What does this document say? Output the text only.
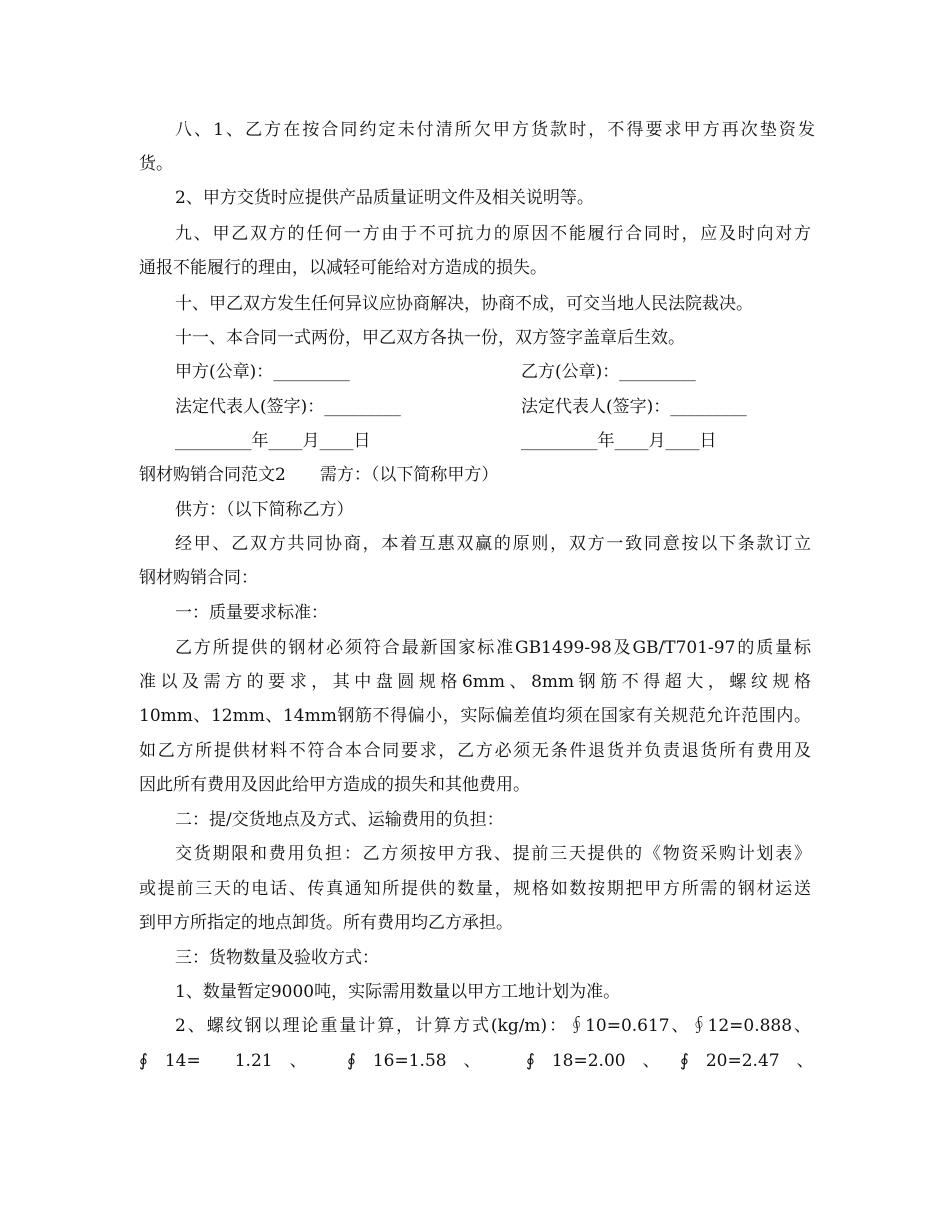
八、1、乙方在按合同约定未付清所欠甲方货款时，不得要求甲方再次垫资发
货。
2、甲方交货时应提供产品质量证明文件及相关说明等。
九、甲乙双方的任何一方由于不可抗力的原因不能履行合同时，应及时向对方
通报不能履行的理由，以减轻可能给对方造成的损失。
十、甲乙双方发生任何异议应协商解决，协商不成，可交当地人民法院裁决。
十一、本合同一式两份，甲乙双方各执一份，双方签字盖章后生效。
甲方(公章)：_________	乙方(公章)：_________
法定代表人(签字)：_________	法定代表人(签字)：_________
_________年____月____日	_________年____月____日
钢材购销合同范文2　　需方：（以下简称甲方）
供方：（以下简称乙方）
经甲、乙双方共同协商，本着互惠双赢的原则，双方一致同意按以下条款订立
钢材购销合同：
一：质量要求标准：
乙方所提供的钢材必须符合最新国家标准GB1499-98及GB/T701-97的质量标
准以及需方的要求，其中盘圆规格6mm、8mm钢筋不得超大，螺纹规格
10mm、12mm、14mm钢筋不得偏小，实际偏差值均须在国家有关规范允许范围内。
如乙方所提供材料不符合本合同要求，乙方必须无条件退货并负责退货所有费用及
因此所有费用及因此给甲方造成的损失和其他费用。
二：提/交货地点及方式、运输费用的负担：
交货期限和费用负担：乙方须按甲方我、提前三天提供的《物资采购计划表》
或提前三天的电话、传真通知所提供的数量，规格如数按期把甲方所需的钢材运送
到甲方所指定的地点卸货。所有费用均乙方承担。
三：货物数量及验收方式：
1、数量暂定9000吨，实际需用数量以甲方工地计划为准。
2、螺纹钢以理论重量计算，计算方式(kg/m)：∮10=0.617、∮12=0.888、
∮　14=　　1.21　、 ∮　16=1.58　、	∮　18=2.00　、 ∮　20=2.47　、
